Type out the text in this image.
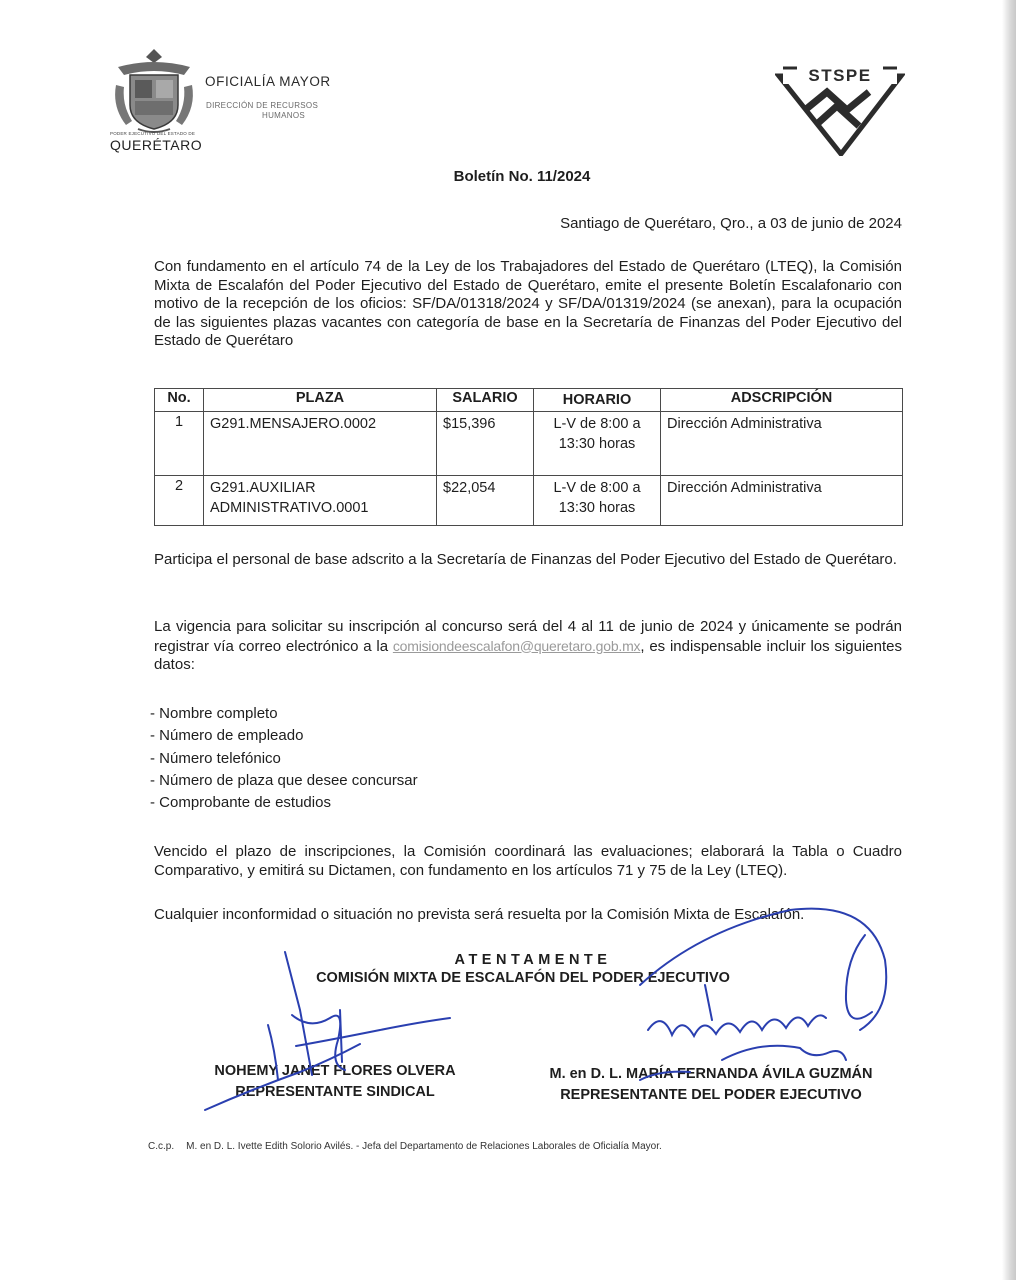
OFICIALÍA MAYOR
DIRECCIÓN DE RECURSOS
HUMANOS
PODER EJECUTIVO DEL ESTADO DE
QUERÉTARO
STSPE
Boletín No. 11/2024
Santiago de Querétaro, Qro., a 03 de junio de 2024
Con fundamento en el artículo 74 de la Ley de los Trabajadores del Estado de Querétaro (LTEQ), la Comisión Mixta de Escalafón del Poder Ejecutivo del Estado de Querétaro, emite el presente Boletín Escalafonario con motivo de la recepción de los oficios: SF/DA/01318/2024 y SF/DA/01319/2024 (se anexan), para la ocupación de las siguientes plazas vacantes con categoría de base en la Secretaría de Finanzas del Poder Ejecutivo del Estado de Querétaro
No.	PLAZA	SALARIO	HORARIO	ADSCRIPCIÓN
1	G291.MENSAJERO.0002	$15,396	L-V de 8:00 a 13:30 horas	Dirección Administrativa
2	G291.AUXILIAR ADMINISTRATIVO.0001	$22,054	L-V de 8:00 a 13:30 horas	Dirección Administrativa
Participa el personal de base adscrito a la Secretaría de Finanzas del Poder Ejecutivo del Estado de Querétaro.
La vigencia para solicitar su inscripción al concurso será del 4 al 11 de junio de 2024 y únicamente se podrán registrar vía correo electrónico a la comisiondeescalafon@queretaro.gob.mx, es indispensable incluir los siguientes datos:
- Nombre completo
- Número de empleado
- Número telefónico
- Número de plaza que desee concursar
- Comprobante de estudios
Vencido el plazo de inscripciones, la Comisión coordinará las evaluaciones; elaborará la Tabla o Cuadro Comparativo, y emitirá su Dictamen, con fundamento en los artículos 71 y 75 de la Ley (LTEQ).
Cualquier inconformidad o situación no prevista será resuelta por la Comisión Mixta de Escalafón.
ATENTAMENTE
COMISIÓN MIXTA DE ESCALAFÓN DEL PODER EJECUTIVO
NOHEMY JANET FLORES OLVERA
REPRESENTANTE SINDICAL
M. en D. L. MARÍA FERNANDA ÁVILA GUZMÁN
REPRESENTANTE DEL PODER EJECUTIVO
C.c.p. M. en D. L. Ivette Edith Solorio Avilés. - Jefa del Departamento de Relaciones Laborales de Oficialía Mayor.
